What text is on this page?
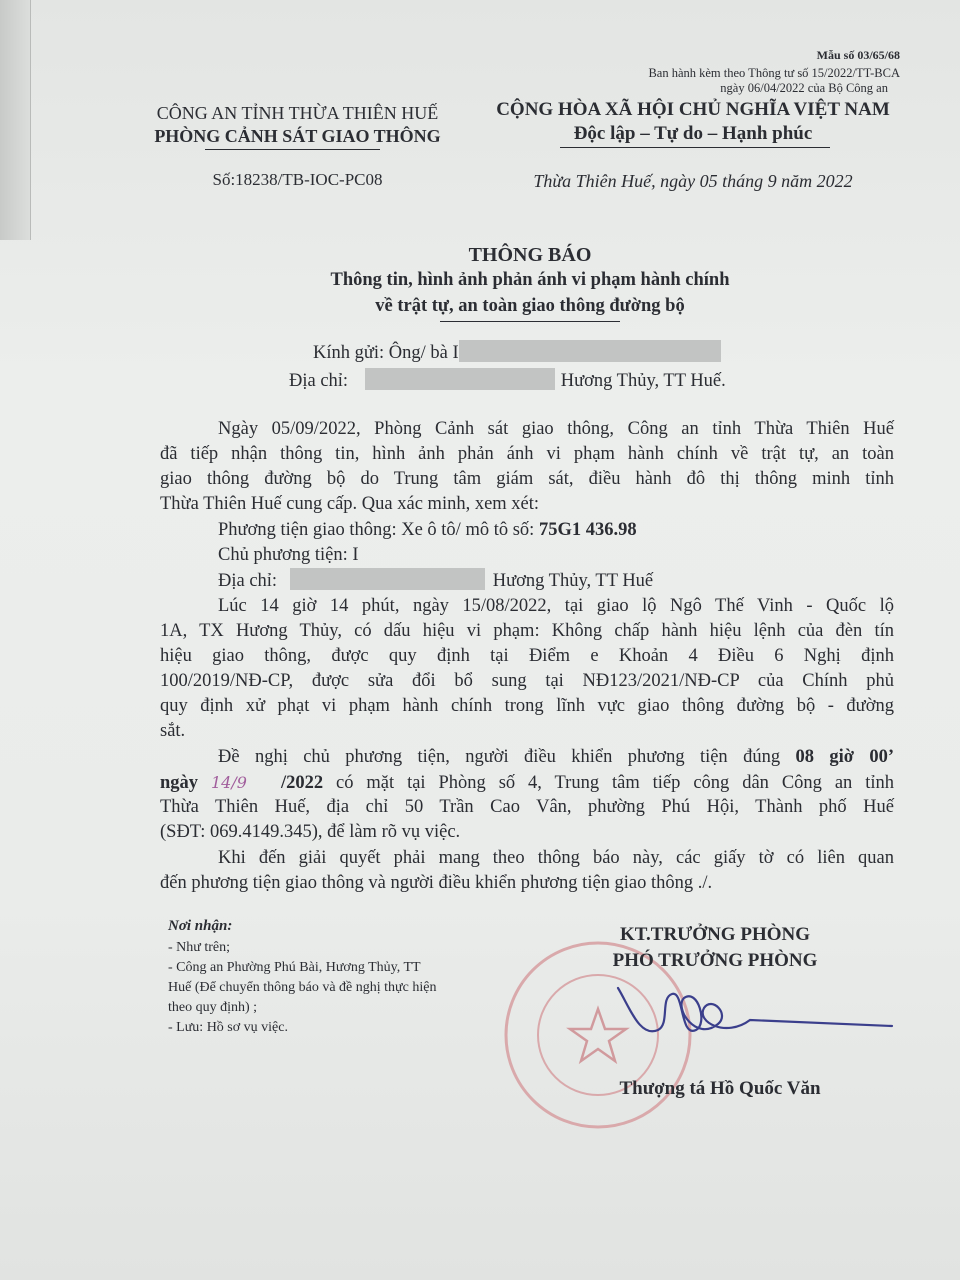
Mẫu số 03/65/68

Ban hành kèm theo Thông tư số 15/2022/TT-BCA

ngày 06/04/2022 của Bộ Công an

CÔNG AN TỈNH THỪA THIÊN HUẾ

PHÒNG CẢNH SÁT GIAO THÔNG

Số:18238/TB-IOC-PC08

CỘNG HÒA XÃ HỘI CHỦ NGHĨA VIỆT NAM

Độc lập – Tự do – Hạnh phúc

Thừa Thiên Huế, ngày 05 tháng 9 năm 2022

THÔNG BÁO

Thông tin, hình ảnh phản ánh vi phạm hành chính

về trật tự, an toàn giao thông đường bộ

Kính gửi: Ông/ bà I

Địa chỉ:	Hương Thủy, TT Huế.

Ngày 05/09/2022, Phòng Cảnh sát giao thông, Công an tỉnh Thừa Thiên Huế

đã tiếp nhận thông tin, hình ảnh phản ánh vi phạm hành chính về trật tự, an toàn

giao thông đường bộ do Trung tâm giám sát, điều hành đô thị thông minh tỉnh

Thừa Thiên Huế cung cấp. Qua xác minh, xem xét:

Phương tiện giao thông: Xe ô tô/ mô tô số: 75G1 436.98

Chủ phương tiện: I

Địa chỉ:	Hương Thủy, TT Huế

Lúc 14 giờ 14 phút, ngày 15/08/2022, tại giao lộ Ngô Thế Vinh - Quốc lộ

1A, TX Hương Thủy, có dấu hiệu vi phạm: Không chấp hành hiệu lệnh của đèn tín

hiệu giao thông, được quy định tại Điểm e Khoản 4 Điều 6 Nghị định

100/2019/NĐ-CP, được sửa đổi bổ sung tại NĐ123/2021/NĐ-CP của Chính phủ

quy định xử phạt vi phạm hành chính trong lĩnh vực giao thông đường bộ - đường

sắt.

Đề nghị chủ phương tiện, người điều khiển phương tiện đúng 08 giờ 00’

ngày 14/9 /2022 có mặt tại Phòng số 4, Trung tâm tiếp công dân Công an tỉnh

Thừa Thiên Huế, địa chỉ 50 Trần Cao Vân, phường Phú Hội, Thành phố Huế

(SĐT: 069.4149.345), để làm rõ vụ việc.

Khi đến giải quyết phải mang theo thông báo này, các giấy tờ có liên quan

đến phương tiện giao thông và người điều khiển phương tiện giao thông ./.

Nơi nhận:

- Như trên;

- Công an Phường Phú Bài, Hương Thủy, TT

Huế (Để chuyển thông báo và đề nghị thực hiện

theo quy định) ;

- Lưu: Hồ sơ vụ việc.

KT.TRƯỞNG PHÒNG

PHÓ TRƯỞNG PHÒNG

Thượng tá Hồ Quốc Văn
